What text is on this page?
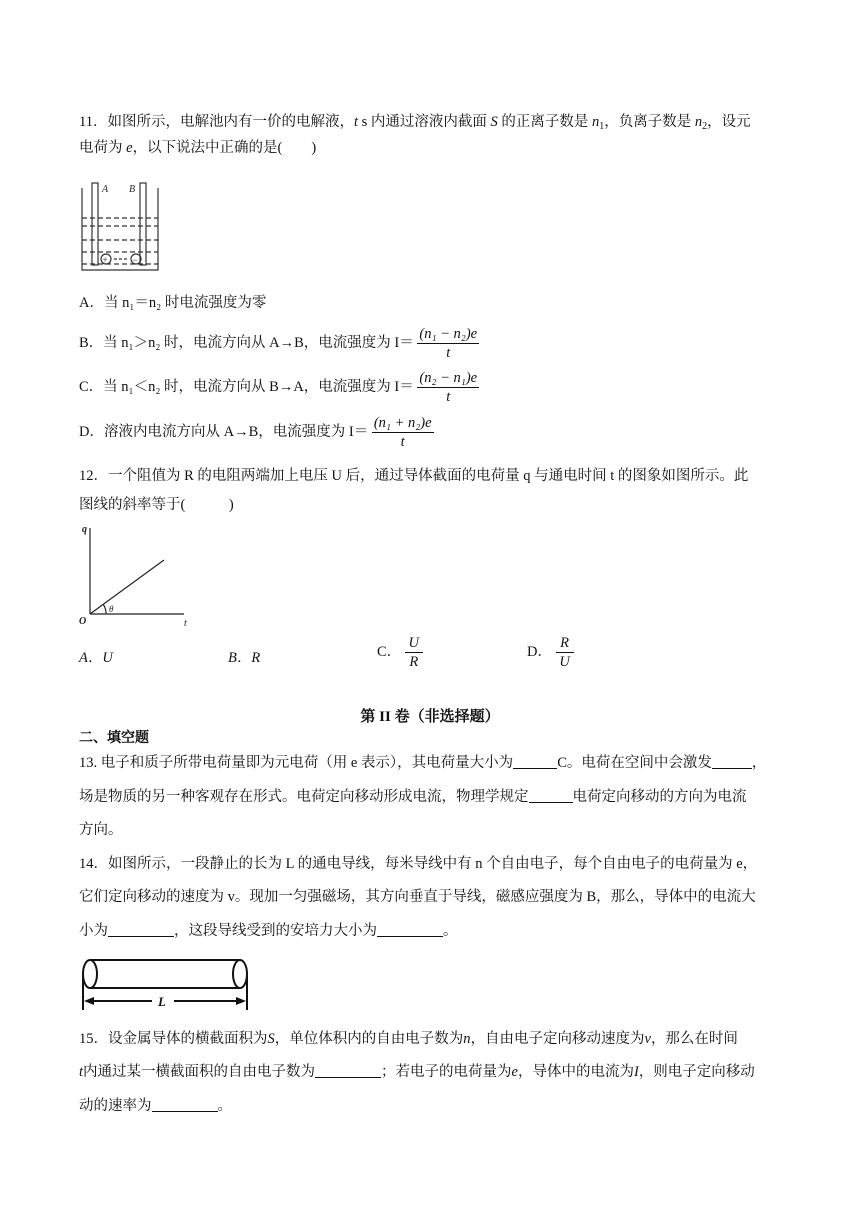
11．如图所示，电解池内有一价的电解液，t s 内通过溶液内截面 S 的正离子数是 $n_1$，负离子数是 $n_2$，设元
电荷为 e，以下说法中正确的是(　　)
A B
+	−
A．当 n₁＝n₂ 时电流强度为零
B．当 n₁＞n₂ 时，电流方向从 A→B，电流强度为 $I= \frac{\text{(n₁ − n₂)e}}{t}$
C．当 n₁＜n₂ 时，电流方向从 B→A，电流强度为 $I= \frac{\text{(n₂ − n₁)e}}{t}$
D．溶液内电流方向从 A→B，电流强度为 $I= \frac{\text{(n₁ + n₂)e}}{t}$
12．一个阻值为 R 的电阻两端加上电压 U 后，通过导体截面的电荷量 q 与通电时间 t 的图象如图所示。此
图线的斜率等于(　　　)
q
t
O
θ
A．U	B．R	C． $\frac{U}{R}$	D． $\frac{R}{U}$
第 II 卷（非选择题）
二、填空题
13. 电子和质子所带电荷量即为元电荷（用 e 表示），其电荷量大小为	C。电荷在空间中会激发	，
场是物质的另一种客观存在形式。电荷定向移动形成电流，物理学规定	电荷定向移动的方向为电流
方向。
14．如图所示，一段静止的长为 L 的通电导线，每米导线中有 n 个自由电子，每个自由电子的电荷量为 e，
它们定向移动的速度为 v。现加一匀强磁场，其方向垂直于导线，磁感应强度为 B，那么，导体中的电流大
小为	，这段导线受到的安培力大小为	。
L
15．设金属导体的横截面积为S，单位体积内的自由电子数为n，自由电子定向移动速度为v，那么在时间
t内通过某一横截面积的自由电子数为	；若电子的电荷量为e，导体中的电流为I，则电子定向移动
动的速率为	。
